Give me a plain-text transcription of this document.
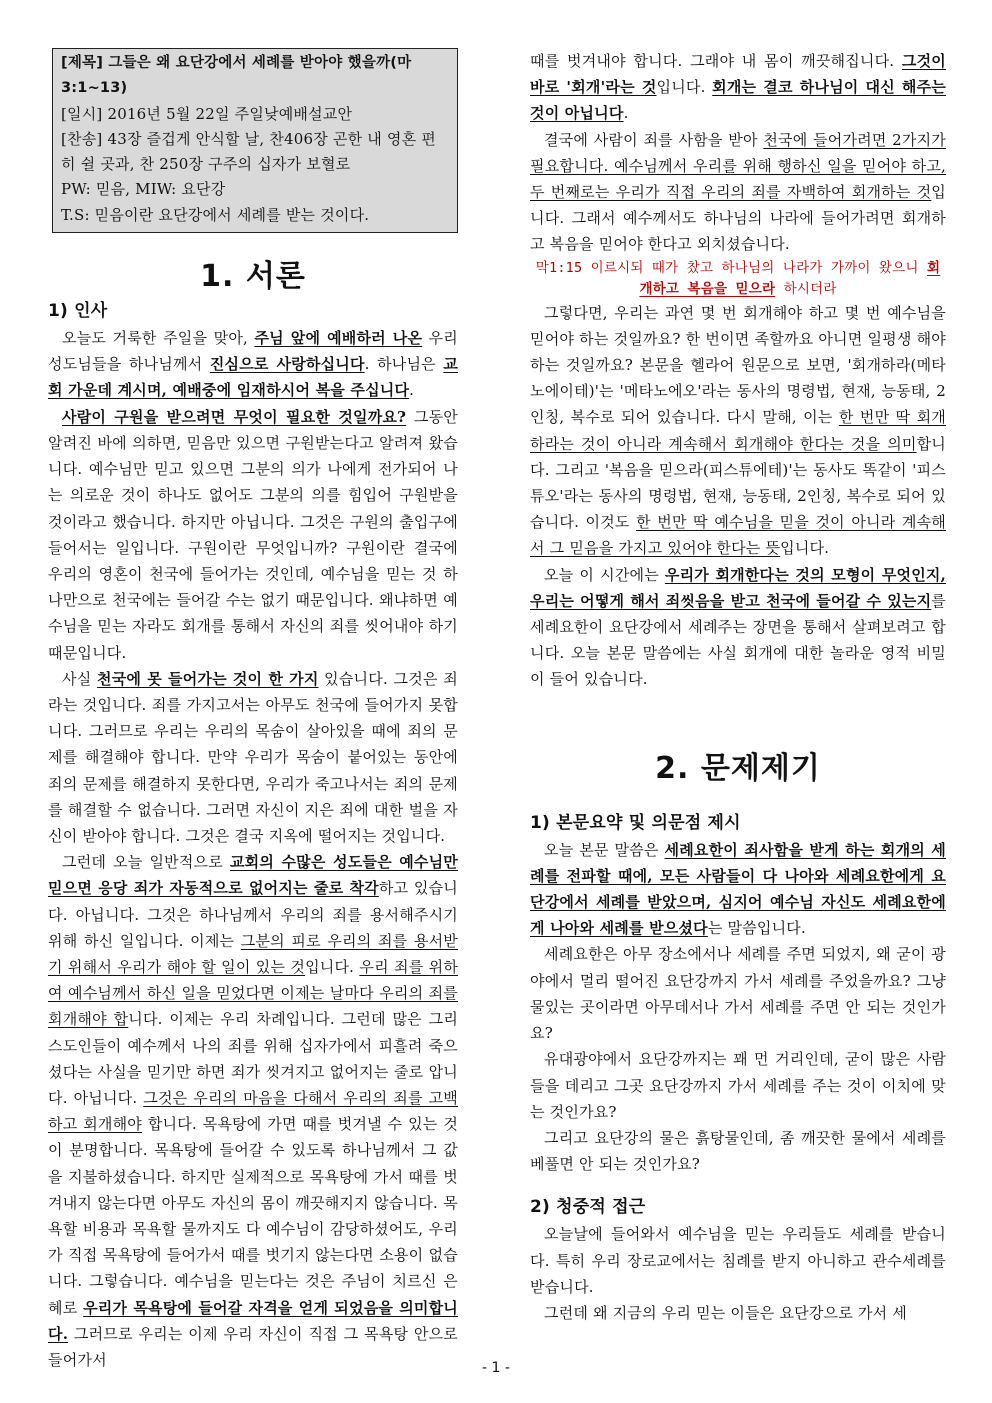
[제목] 그들은 왜 요단강에서 세례를 받아야 했을까(마3:1~13)
[일시] 2016년 5월 22일 주일낮예배설교안
[찬송] 43장 즐겁게 안식할 날, 찬406장 곤한 내 영혼 편히 쉴 곳과, 찬 250장 구주의 십자가 보혈로
PW: 믿음, MIW: 요단강
T.S: 믿음이란 요단강에서 세례를 받는 것이다.
1. 서론
1) 인사

오늘도 거룩한 주일을 맞아, 주님 앞에 예배하러 나온 우리 성도님들을 하나님께서 진심으로 사랑하십니다. 하나님은 교회 가운데 계시며, 예배중에 임재하시어 복을 주십니다.

사람이 구원을 받으려면 무엇이 필요한 것일까요? 그동안 알려진 바에 의하면, 믿음만 있으면 구원받는다고 알려져 왔습니다. 예수님만 믿고 있으면 그분의 의가 나에게 전가되어 나는 의로운 것이 하나도 없어도 그분의 의를 힘입어 구원받을 것이라고 했습니다. 하지만 아닙니다. 그것은 구원의 출입구에 들어서는 일입니다. 구원이란 무엇입니까? 구원이란 결국에 우리의 영혼이 천국에 들어가는 것인데, 예수님을 믿는 것 하나만으로 천국에는 들어갈 수는 없기 때문입니다. 왜냐하면 예수님을 믿는 자라도 회개를 통해서 자신의 죄를 씻어내야 하기 때문입니다.

사실 천국에 못 들어가는 것이 한 가지 있습니다. 그것은 죄라는 것입니다. 죄를 가지고서는 아무도 천국에 들어가지 못합니다. 그러므로 우리는 우리의 목숨이 살아있을 때에 죄의 문제를 해결해야 합니다. 만약 우리가 목숨이 붙어있는 동안에 죄의 문제를 해결하지 못한다면, 우리가 죽고나서는 죄의 문제를 해결할 수 없습니다. 그러면 자신이 지은 죄에 대한 벌을 자신이 받아야 합니다. 그것은 결국 지옥에 떨어지는 것입니다.

그런데 오늘 일반적으로 교회의 수많은 성도들은 예수님만 믿으면 응당 죄가 자동적으로 없어지는 줄로 착각하고 있습니다. 아닙니다. 그것은 하나님께서 우리의 죄를 용서해주시기 위해 하신 일입니다. 이제는 그분의 피로 우리의 죄를 용서받기 위해서 우리가 해야 할 일이 있는 것입니다. 우리 죄를 위하여 예수님께서 하신 일을 믿었다면 이제는 날마다 우리의 죄를 회개해야 합니다. 이제는 우리 차례입니다. 그런데 많은 그리스도인들이 예수께서 나의 죄를 위해 십자가에서 피흘려 죽으셨다는 사실을 믿기만 하면 죄가 씻겨지고 없어지는 줄로 압니다. 아닙니다. 그것은 우리의 마음을 다해서 우리의 죄를 고백하고 회개해야 합니다. 목욕탕에 가면 때를 벗겨낼 수 있는 것이 분명합니다. 목욕탕에 들어갈 수 있도록 하나님께서 그 값을 지불하셨습니다. 하지만 실제적으로 목욕탕에 가서 때를 벗겨내지 않는다면 아무도 자신의 몸이 깨끗해지지 않습니다. 목욕할 비용과 목욕할 물까지도 다 예수님이 감당하셨어도, 우리가 직접 목욕탕에 들어가서 때를 벗기지 않는다면 소용이 없습니다. 그렇습니다. 예수님을 믿는다는 것은 주님이 치르신 은혜로 우리가 목욕탕에 들어갈 자격을 얻게 되었음을 의미합니다. 그러므로 우리는 이제 우리 자신이 직접 그 목욕탕 안으로 들어가서

때를 벗겨내야 합니다. 그래야 내 몸이 깨끗해집니다. 그것이 바로 '회개'라는 것입니다. 회개는 결코 하나님이 대신 해주는 것이 아닙니다.

결국에 사람이 죄를 사함을 받아 천국에 들어가려면 2가지가 필요합니다. 예수님께서 우리를 위해 행하신 일을 믿어야 하고, 두 번째로는 우리가 직접 우리의 죄를 자백하여 회개하는 것입니다. 그래서 예수께서도 하나님의 나라에 들어가려면 회개하고 복음을 믿어야 한다고 외치셨습니다.

막1:15 이르시되 때가 찼고 하나님의 나라가 가까이 왔으니 회개하고 복음을 믿으라 하시더라

그렇다면, 우리는 과연 몇 번 회개해야 하고 몇 번 예수님을 믿어야 하는 것일까요? 한 번이면 족할까요 아니면 일평생 해야 하는 것일까요? 본문을 헬라어 원문으로 보면, '회개하라(메타노에이테)'는 '메타노에오'라는 동사의 명령법, 현재, 능동태, 2인칭, 복수로 되어 있습니다. 다시 말해, 이는 한 번만 딱 회개하라는 것이 아니라 계속해서 회개해야 한다는 것을 의미합니다. 그리고 '복음을 믿으라(피스튜에테)'는 동사도 똑같이 '피스튜오'라는 동사의 명령법, 현재, 능동태, 2인칭, 복수로 되어 있습니다. 이것도 한 번만 딱 예수님을 믿을 것이 아니라 계속해서 그 믿음을 가지고 있어야 한다는 뜻입니다.

오늘 이 시간에는 우리가 회개한다는 것의 모형이 무엇인지, 우리는 어떻게 해서 죄씻음을 받고 천국에 들어갈 수 있는지를 세례요한이 요단강에서 세례주는 장면을 통해서 살펴보려고 합니다. 오늘 본문 말씀에는 사실 회개에 대한 놀라운 영적 비밀이 들어 있습니다.

2. 문제제기
1) 본문요약 및 의문점 제시

오늘 본문 말씀은 세례요한이 죄사함을 받게 하는 회개의 세례를 전파할 때에, 모든 사람들이 다 나아와 세례요한에게 요단강에서 세례를 받았으며, 심지어 예수님 자신도 세례요한에게 나아와 세례를 받으셨다는 말씀입니다.

세례요한은 아무 장소에서나 세례를 주면 되었지, 왜 굳이 광야에서 멀리 떨어진 요단강까지 가서 세례를 주었을까요? 그냥 물있는 곳이라면 아무데서나 가서 세례를 주면 안 되는 것인가요?

유대광야에서 요단강까지는 꽤 먼 거리인데, 굳이 많은 사람들을 데리고 그곳 요단강까지 가서 세례를 주는 것이 이치에 맞는 것인가요?

그리고 요단강의 물은 흙탕물인데, 좀 깨끗한 물에서 세례를 베풀면 안 되는 것인가요?

2) 청중적 접근

오늘날에 들어와서 예수님을 믿는 우리들도 세례를 받습니다. 특히 우리 장로교에서는 침례를 받지 아니하고 관수세례를 받습니다.

그런데 왜 지금의 우리 믿는 이들은 요단강으로 가서 세

- 1 -
